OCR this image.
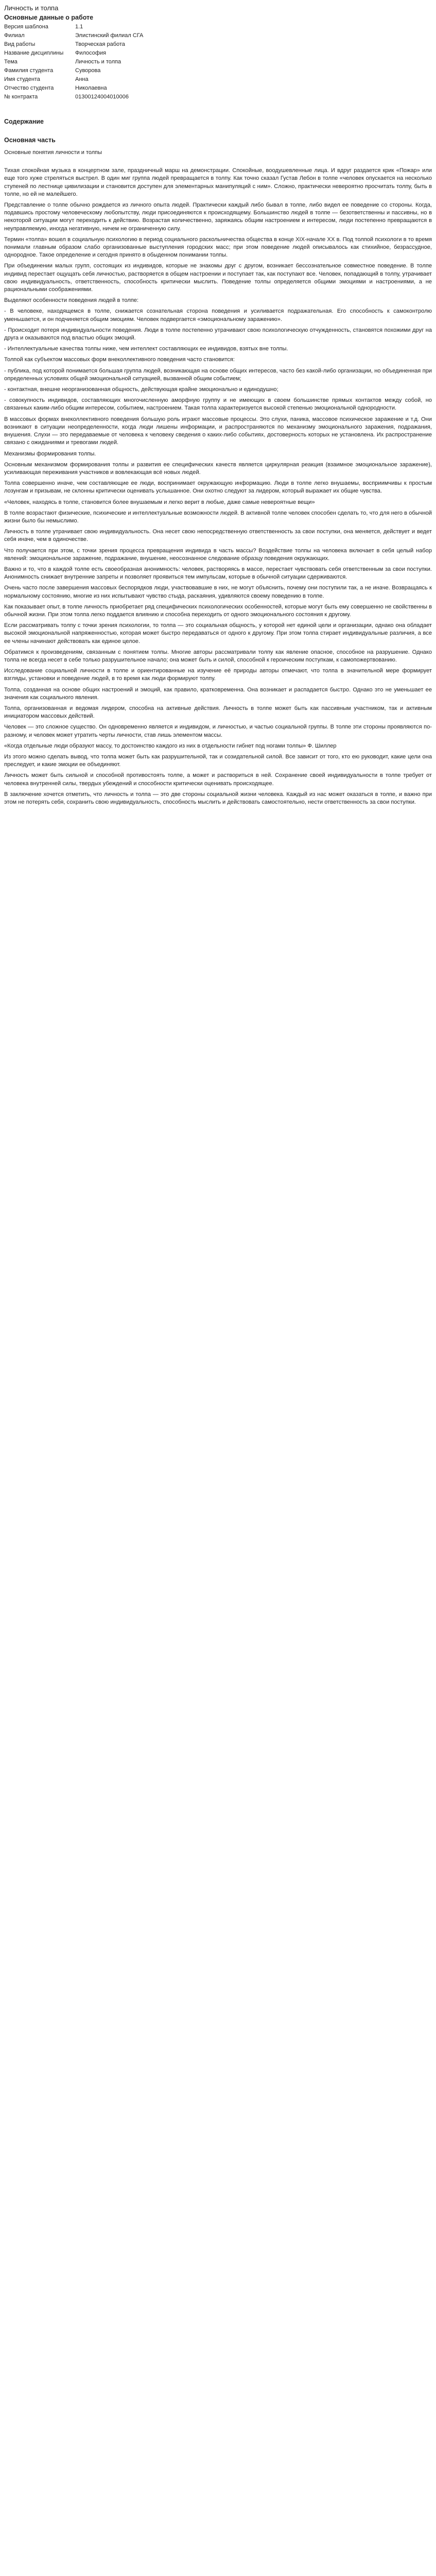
Личность и толпа
Основные данные о работе
Версия шаблона	1.1
Филиал	Элистинский филиал СГА
Вид работы	Творческая работа
Название дисциплины	Философия
Тема	Личность и толпа
Фамилия студента	Суворова
Имя студента	Анна
Отчество студента	Николаевна
№ контракта	01300124004010006
Содержание
Основная часть
Основные понятия личности и толпы

Тихая спокойная музыка в концертном зале, праздничный марш на демонстрации. Спокойные, воодушевленные лица. И вдруг раздается крик «Пожар» или еще того хуже стреляться выстрел. В один миг группа людей превращается в толпу. Как точно сказал Густав Лебон в толпе «человек опускается на несколько ступеней по лестнице цивилизации и становится доступен для элементарных манипуляций с ним». Сложно, практически невероятно просчитать толпу, быть в толпе, но ей не малейшего.

Представление о толпе обычно рождается из личного опыта людей. Практически каждый либо бывал в толпе, либо видел ее поведение со стороны. Когда, подавшись простому человеческому любопытству, люди присоединяются к происходящему. Большинство людей в толпе — безответственны и пассивны, но в некоторой ситуации могут переходить к действию. Возрастая количественно, заряжаясь общим настроением и интересом, люди постепенно превращаются в неуправляемую, иногда негативную, ничем не ограниченную силу.

Термин «толпа» вошел в социальную психологию в период социального раскольничества общества в конце XIX-начале XX в. Под толпой психологи в то время понимали главным образом слабо организованные выступления городских масс; при этом поведение людей описывалось как стихийное, безрассудное, однородное. Такое определение и сегодня принято в обыденном понимании толпы.

При объединении малых групп, состоящих из индивидов, которые не знакомы друг с другом, возникает бессознательное совместное поведение. В толпе индивид перестает ощущать себя личностью, растворяется в общем настроении и поступает так, как поступают все. Человек, попадающий в толпу, утрачивает свою индивидуальность, ответственность, способность критически мыслить. Поведение толпы определяется общими эмоциями и настроениями, а не рациональными соображениями.

Выделяют особенности поведения людей в толпе:

- В человеке, находящемся в толпе, снижается сознательная сторона поведения и усиливается подражательная. Его способность к самоконтролю уменьшается, и он подчиняется общим эмоциям. Человек подвергается «эмоциональному заражению».

- Происходит потеря индивидуальности поведения. Люди в толпе постепенно утрачивают свою психологическую отчужденность, становятся похожими друг на друга и оказываются под властью общих эмоций.

- Интеллектуальные качества толпы ниже, чем интеллект составляющих ее индивидов, взятых вне толпы.

Толпой как субъектом массовых форм внеколлективного поведения часто становится:

- публика, под которой понимается большая группа людей, возникающая на основе общих интересов, часто без какой-либо организации, но объединенная при определенных условиях общей эмоциональной ситуацией, вызванной общим событием;

- контактная, внешне неорганизованная общность, действующая крайне эмоционально и единодушно;

- совокупность индивидов, составляющих многочисленную аморфную группу и не имеющих в своем большинстве прямых контактов между собой, но связанных каким-либо общим интересом, событием, настроением. Такая толпа характеризуется высокой степенью эмоциональной однородности.

В массовых формах внеколлективного поведения большую роль играют массовые процессы. Это слухи, паника, массовое психическое заражение и т.д. Они возникают в ситуации неопределенности, когда люди лишены информации, и распространяются по механизму эмоционального заражения, подражания, внушения. Слухи — это передаваемые от человека к человеку сведения о каких-либо событиях, достоверность которых не установлена. Их распространение связано с ожиданиями и тревогами людей.

Механизмы формирования толпы.

Основным механизмом формирования толпы и развития ее специфических качеств является циркулярная реакция (взаимное эмоциональное заражение), усиливающая переживания участников и вовлекающая всё новых людей.

Толпа совершенно иначе, чем составляющие ее люди, воспринимает окружающую информацию. Люди в толпе легко внушаемы, восприимчивы к простым лозунгам и призывам, не склонны критически оценивать услышанное. Они охотно следуют за лидером, который выражает их общие чувства.

«Человек, находясь в толпе, становится более внушаемым и легко верит в любые, даже самые невероятные вещи»

В толпе возрастают физические, психические и интеллектуальные возможности людей. В активной толпе человек способен сделать то, что для него в обычной жизни было бы немыслимо.

Личность в толпе утрачивает свою индивидуальность. Она несет свою непосредственную ответственность за свои поступки, она меняется, действует и ведет себя иначе, чем в одиночестве.

Что получается при этом, с точки зрения процесса превращения индивида в часть массы? Воздействие толпы на человека включает в себя целый набор явлений: эмоциональное заражение, подражание, внушение, неосознанное следование образцу поведения окружающих.

Важно и то, что в каждой толпе есть своеобразная анонимность: человек, растворяясь в массе, перестает чувствовать себя ответственным за свои поступки. Анонимность снижает внутренние запреты и позволяет проявиться тем импульсам, которые в обычной ситуации сдерживаются.

Очень часто после завершения массовых беспорядков люди, участвовавшие в них, не могут объяснить, почему они поступили так, а не иначе. Возвращаясь к нормальному состоянию, многие из них испытывают чувство стыда, раскаяния, удивляются своему поведению в толпе.

Как показывает опыт, в толпе личность приобретает ряд специфических психологических особенностей, которые могут быть ему совершенно не свойственны в обычной жизни. При этом толпа легко поддается влиянию и способна переходить от одного эмоционального состояния к другому.

Если рассматривать толпу с точки зрения психологии, то толпа — это социальная общность, у которой нет единой цели и организации, однако она обладает высокой эмоциональной напряженностью, которая может быстро передаваться от одного к другому. При этом толпа стирает индивидуальные различия, а все ее члены начинают действовать как единое целое.

Обратимся к произведениям, связанным с понятием толпы. Многие авторы рассматривали толпу как явление опасное, способное на разрушение. Однако толпа не всегда несет в себе только разрушительное начало; она может быть и силой, способной к героическим поступкам, к самопожертвованию.

Исследование социальной личности в толпе и ориентированные на изучение её природы авторы отмечают, что толпа в значительной мере формирует взгляды, установки и поведение людей, в то время как люди формируют толпу.

Толпа, созданная на основе общих настроений и эмоций, как правило, кратковременна. Она возникает и распадается быстро. Однако это не уменьшает ее значения как социального явления.

Толпа, организованная и ведомая лидером, способна на активные действия. Личность в толпе может быть как пассивным участником, так и активным инициатором массовых действий.

Человек — это сложное существо. Он одновременно является и индивидом, и личностью, и частью социальной группы. В толпе эти стороны проявляются по-разному, и человек может утратить черты личности, став лишь элементом массы.

«Когда отдельные люди образуют массу, то достоинство каждого из них в отдельности гибнет под ногами толпы» Ф. Шиллер

Из этого можно сделать вывод, что толпа может быть как разрушительной, так и созидательной силой. Все зависит от того, кто ею руководит, какие цели она преследует, и какие эмоции ее объединяют.

Личность может быть сильной и способной противостоять толпе, а может и раствориться в ней. Сохранение своей индивидуальности в толпе требует от человека внутренней силы, твердых убеждений и способности критически оценивать происходящее.

В заключение хочется отметить, что личность и толпа — это две стороны социальной жизни человека. Каждый из нас может оказаться в толпе, и важно при этом не потерять себя, сохранить свою индивидуальность, способность мыслить и действовать самостоятельно, нести ответственность за свои поступки.
